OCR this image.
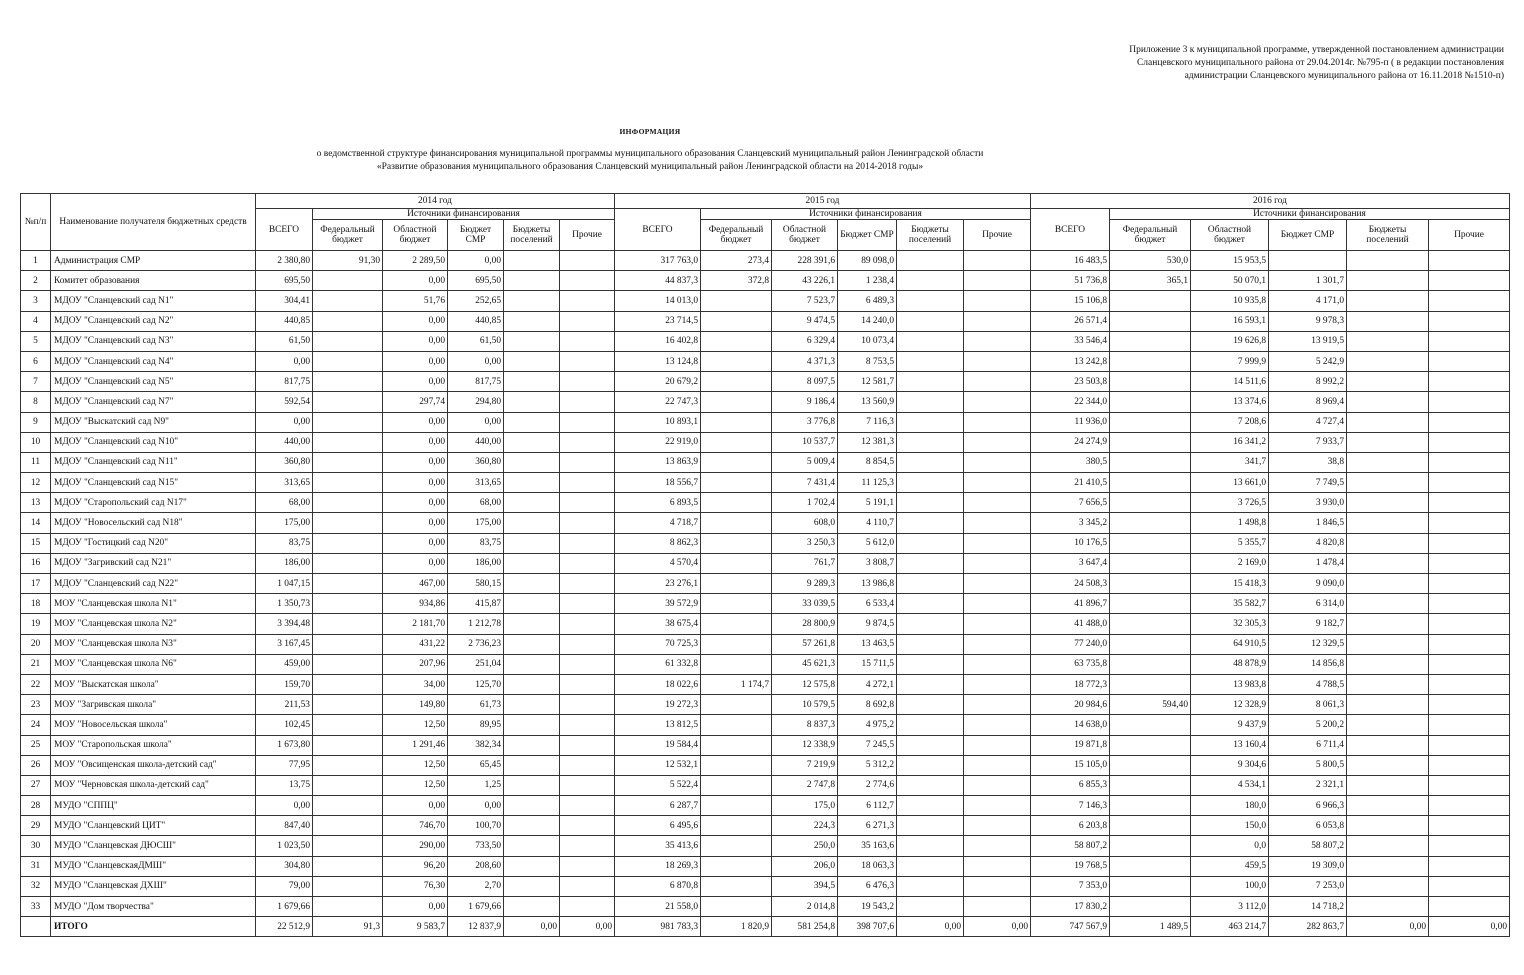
Приложение 3 к муниципальной программе, утвержденной постановлением администрации Сланцевского муниципального района от 29.04.2014г. №795-п ( в редакции постановления администрации Сланцевского муниципального района от 16.11.2018 №1510-п)
ИНФОРМАЦИЯ
о ведомственной структуре финансирования муниципальной программы муниципального образования Сланцевский муниципальный район Ленинградской области
«Развитие образования муниципального образования Сланцевский муниципальный район Ленинградской области на 2014-2018 годы»
№п/п	Наименование получателя бюджетных средств	2014 год						2015 год						2016 год					
		ВСЕГО	Источники финансирования					ВСЕГО	Источники финансирования					ВСЕГО	Источники финансирования				
			Федеральный бюджет	Областной бюджет	Бюджет СМР	Бюджеты поселений	Прочие		Федеральный бюджет	Областной бюджет	Бюджет СМР	Бюджеты поселений	Прочие		Федеральный бюджет	Областной бюджет	Бюджет СМР	Бюджеты поселений	Прочие
1	Администрация СМР	2 380,80	91,30	2 289,50	0,00			317 763,0	273,4	228 391,6	89 098,0			16 483,5	530,0	15 953,5			
2	Комитет образования	695,50		0,00	695,50			44 837,3	372,8	43 226,1	1 238,4			51 736,8	365,1	50 070,1	1 301,7		
3	МДОУ "Сланцевский сад N1"	304,41		51,76	252,65			14 013,0		7 523,7	6 489,3			15 106,8		10 935,8	4 171,0		
4	МДОУ "Сланцевский сад N2"	440,85		0,00	440,85			23 714,5		9 474,5	14 240,0			26 571,4		16 593,1	9 978,3		
5	МДОУ "Сланцевский сад N3"	61,50		0,00	61,50			16 402,8		6 329,4	10 073,4			33 546,4		19 626,8	13 919,5		
6	МДОУ "Сланцевский сад N4"	0,00		0,00	0,00			13 124,8		4 371,3	8 753,5			13 242,8		7 999,9	5 242,9		
7	МДОУ "Сланцевский сад N5"	817,75		0,00	817,75			20 679,2		8 097,5	12 581,7			23 503,8		14 511,6	8 992,2		
8	МДОУ "Сланцевский сад N7"	592,54		297,74	294,80			22 747,3		9 186,4	13 560,9			22 344,0		13 374,6	8 969,4		
9	МДОУ "Выскатский сад N9"	0,00		0,00	0,00			10 893,1		3 776,8	7 116,3			11 936,0		7 208,6	4 727,4		
10	МДОУ "Сланцевский сад N10"	440,00		0,00	440,00			22 919,0		10 537,7	12 381,3			24 274,9		16 341,2	7 933,7		
11	МДОУ "Сланцевский сад N11"	360,80		0,00	360,80			13 863,9		5 009,4	8 854,5			380,5		341,7	38,8		
12	МДОУ "Сланцевский сад N15"	313,65		0,00	313,65			18 556,7		7 431,4	11 125,3			21 410,5		13 661,0	7 749,5		
13	МДОУ "Старопольский сад N17"	68,00		0,00	68,00			6 893,5		1 702,4	5 191,1			7 656,5		3 726,5	3 930,0		
14	МДОУ "Новосельский сад N18"	175,00		0,00	175,00			4 718,7		608,0	4 110,7			3 345,2		1 498,8	1 846,5		
15	МДОУ "Гостицкий сад N20"	83,75		0,00	83,75			8 862,3		3 250,3	5 612,0			10 176,5		5 355,7	4 820,8		
16	МДОУ "Загривский сад N21"	186,00		0,00	186,00			4 570,4		761,7	3 808,7			3 647,4		2 169,0	1 478,4		
17	МДОУ "Сланцевский сад N22"	1 047,15		467,00	580,15			23 276,1		9 289,3	13 986,8			24 508,3		15 418,3	9 090,0		
18	МОУ "Сланцевская школа N1"	1 350,73		934,86	415,87			39 572,9		33 039,5	6 533,4			41 896,7		35 582,7	6 314,0		
19	МОУ "Сланцевская школа N2"	3 394,48		2 181,70	1 212,78			38 675,4		28 800,9	9 874,5			41 488,0		32 305,3	9 182,7		
20	МОУ "Сланцевская школа N3"	3 167,45		431,22	2 736,23			70 725,3		57 261,8	13 463,5			77 240,0		64 910,5	12 329,5		
21	МОУ "Сланцевская школа N6"	459,00		207,96	251,04			61 332,8		45 621,3	15 711,5			63 735,8		48 878,9	14 856,8		
22	МОУ "Выскатская школа"	159,70		34,00	125,70			18 022,6	1 174,7	12 575,8	4 272,1			18 772,3		13 983,8	4 788,5		
23	МОУ "Загривская школа"	211,53		149,80	61,73			19 272,3		10 579,5	8 692,8			20 984,6	594,40	12 328,9	8 061,3		
24	МОУ "Новосельская школа"	102,45		12,50	89,95			13 812,5		8 837,3	4 975,2			14 638,0		9 437,9	5 200,2		
25	МОУ "Старопольская школа"	1 673,80		1 291,46	382,34			19 584,4		12 338,9	7 245,5			19 871,8		13 160,4	6 711,4		
26	МОУ "Овсищенская школа-детский сад"	77,95		12,50	65,45			12 532,1		7 219,9	5 312,2			15 105,0		9 304,6	5 800,5		
27	МОУ "Черновская школа-детский сад"	13,75		12,50	1,25			5 522,4		2 747,8	2 774,6			6 855,3		4 534,1	2 321,1		
28	МУДО "СППЦ"	0,00		0,00	0,00			6 287,7		175,0	6 112,7			7 146,3		180,0	6 966,3		
29	МУДО "Сланцевский ЦИТ"	847,40		746,70	100,70			6 495,6		224,3	6 271,3			6 203,8		150,0	6 053,8		
30	МУДО "Сланцевская ДЮСШ"	1 023,50		290,00	733,50			35 413,6		250,0	35 163,6			58 807,2		0,0	58 807,2		
31	МУДО "СланцевскаяДМШ"	304,80		96,20	208,60			18 269,3		206,0	18 063,3			19 768,5		459,5	19 309,0		
32	МУДО "Сланцевская ДХШ"	79,00		76,30	2,70			6 870,8		394,5	6 476,3			7 353,0		100,0	7 253,0		
33	МУДО "Дом творчества"	1 679,66		0,00	1 679,66			21 558,0		2 014,8	19 543,2			17 830,2		3 112,0	14 718,2		
	ИТОГО	22 512,9	91,3	9 583,7	12 837,9	0,00	0,00	981 783,3	1 820,9	581 254,8	398 707,6	0,00	0,00	747 567,9	1 489,5	463 214,7	282 863,7	0,00	0,00
